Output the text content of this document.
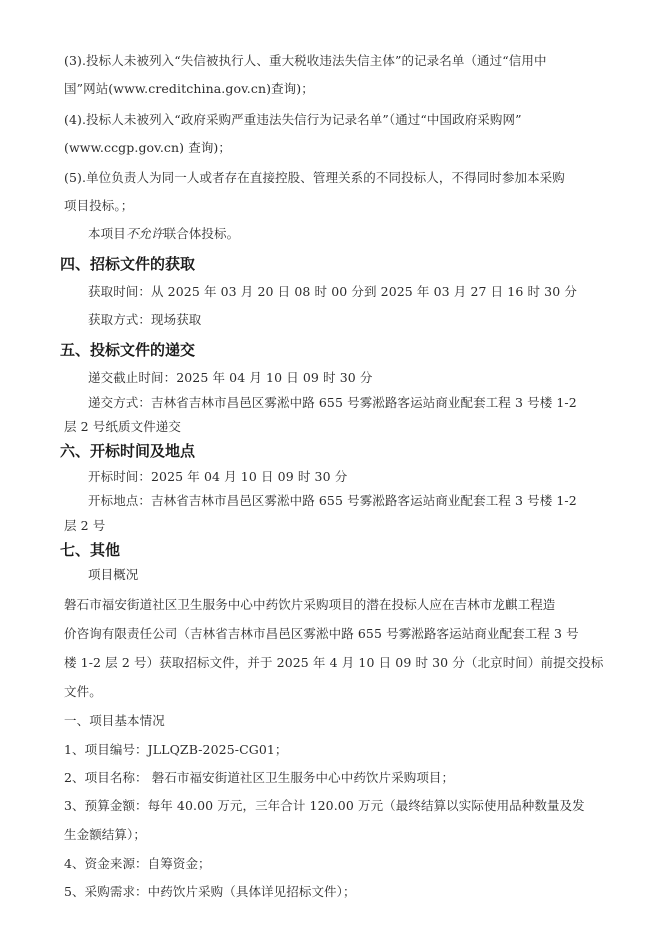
(3).投标人未被列入“失信被执行人、重大税收违法失信主体”的记录名单（通过“信用中
国”网站(www.creditchina.gov.cn)查询)；
(4).投标人未被列入“政府采购严重违法失信行为记录名单”（通过“中国政府采购网”
(www.ccgp.gov.cn) 查询)；
(5).单位负责人为同一人或者存在直接控股、管理关系的不同投标人，不得同时参加本采购
项目投标。；
本项目不允许联合体投标。
四、招标文件的获取
获取时间：从 2025 年 03 月 20 日 08 时 00 分到 2025 年 03 月 27 日 16 时 30 分
获取方式：现场获取
五、投标文件的递交
递交截止时间：2025 年 04 月 10 日 09 时 30 分
递交方式：吉林省吉林市昌邑区雾淞中路 655 号雾淞路客运站商业配套工程 3 号楼 1-2
层 2 号纸质文件递交
六、开标时间及地点
开标时间：2025 年 04 月 10 日 09 时 30 分
开标地点：吉林省吉林市昌邑区雾淞中路 655 号雾淞路客运站商业配套工程 3 号楼 1-2
层 2 号
七、其他
项目概况
磐石市福安街道社区卫生服务中心中药饮片采购项目的潜在投标人应在吉林市龙麒工程造
价咨询有限责任公司（吉林省吉林市昌邑区雾淞中路 655 号雾淞路客运站商业配套工程 3 号
楼 1-2 层 2 号）获取招标文件，并于 2025 年 4 月 10 日 09 时 30 分（北京时间）前提交投标
文件。
一、项目基本情况
1、项目编号：JLLQZB-2025-CG01；
2、项目名称： 磐石市福安街道社区卫生服务中心中药饮片采购项目；
3、预算金额：每年 40.00 万元，三年合计 120.00 万元（最终结算以实际使用品种数量及发
生金额结算）；
4、资金来源：自筹资金；
5、采购需求：中药饮片采购（具体详见招标文件）；
